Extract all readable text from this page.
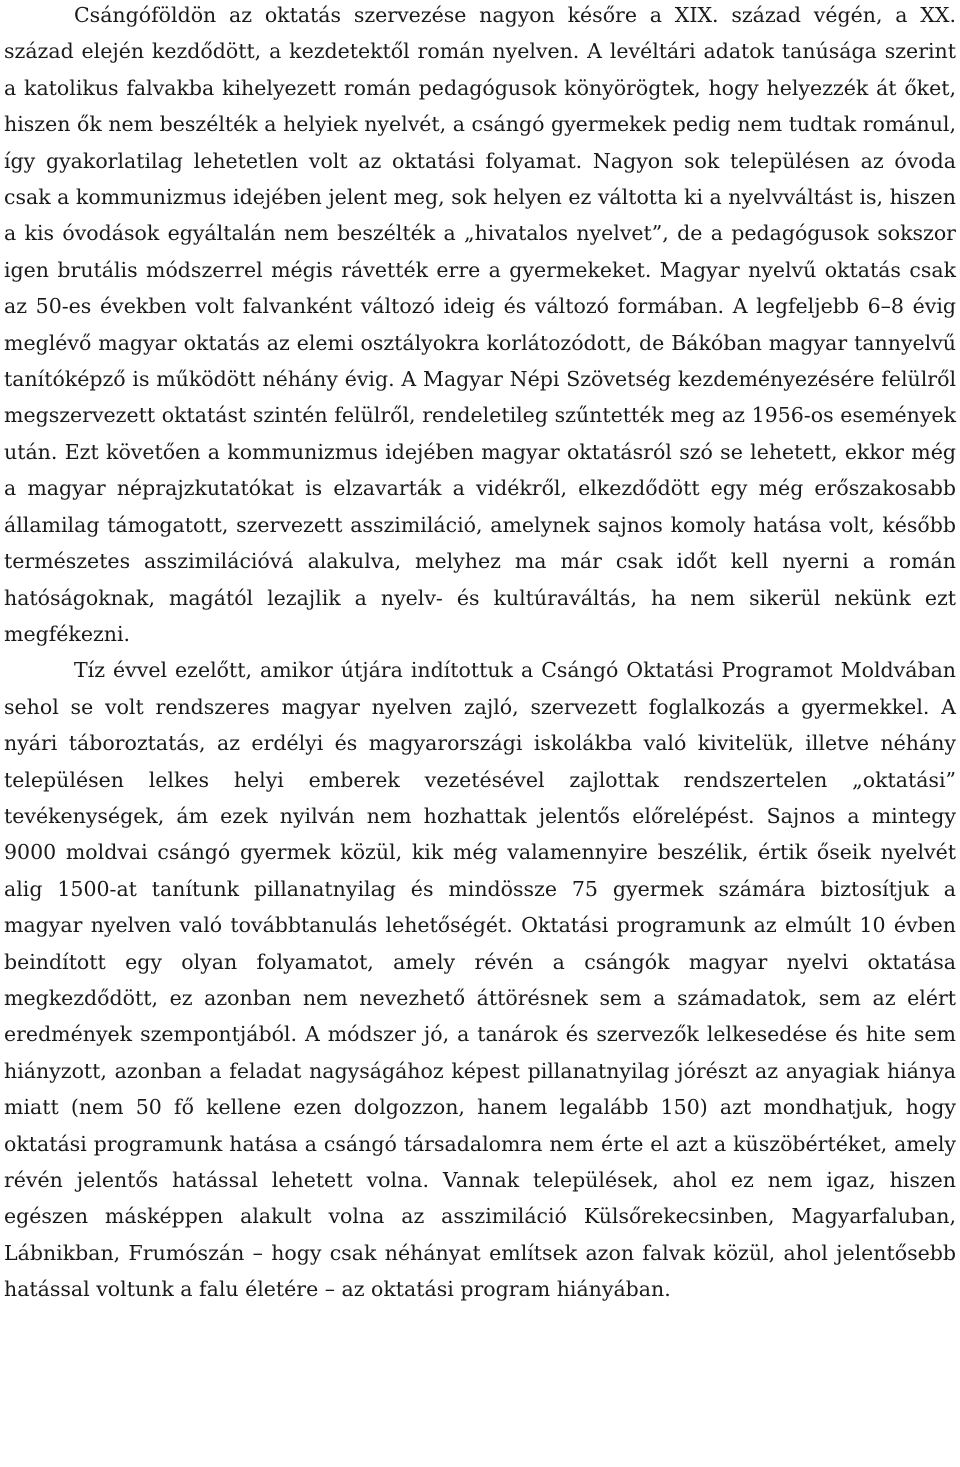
Csángóföldön az oktatás szervezése nagyon későre a XIX. század végén, a XX. század elején kezdődött, a kezdetektől román nyelven. A levéltári adatok tanúsága szerint a katolikus falvakba kihelyezett román pedagógusok könyörögtek, hogy helyezzék át őket, hiszen ők nem beszélték a helyiek nyelvét, a csángó gyermekek pedig nem tudtak románul, így gyakorlatilag lehetetlen volt az oktatási folyamat. Nagyon sok településen az óvoda csak a kommunizmus idejében jelent meg, sok helyen ez váltotta ki a nyelvváltást is, hiszen a kis óvodások egyáltalán nem beszélték a „hivatalos nyelvet”, de a pedagógusok sokszor igen brutális módszerrel mégis rávették erre a gyermekeket. Magyar nyelvű oktatás csak az 50-es években volt falvanként változó ideig és változó formában. A legfeljebb 6–8 évig meglévő magyar oktatás az elemi osztályokra korlátozódott, de Bákóban magyar tannyelvű tanítóképző is működött néhány évig. A Magyar Népi Szövetség kezdeményezésére felülről megszervezett oktatást szintén felülről, rendeletileg szűntették meg az 1956-os események után. Ezt követően a kommunizmus idejében magyar oktatásról szó se lehetett, ekkor még a magyar néprajzkutatókat is elzavarták a vidékről, elkezdődött egy még erőszakosabb államilag támogatott, szervezett asszimiláció, amelynek sajnos komoly hatása volt, később természetes asszimilációvá alakulva, melyhez ma már csak időt kell nyerni a román hatóságoknak, magától lezajlik a nyelv- és kultúraváltás, ha nem sikerül nekünk ezt megfékezni.

Tíz évvel ezelőtt, amikor útjára indítottuk a Csángó Oktatási Programot Moldvában sehol se volt rendszeres magyar nyelven zajló, szervezett foglalkozás a gyermekkel. A nyári táboroztatás, az erdélyi és magyarországi iskolákba való kivitelük, illetve néhány településen lelkes helyi emberek vezetésével zajlottak rendszertelen „oktatási” tevékenységek, ám ezek nyilván nem hozhattak jelentős előrelépést. Sajnos a mintegy 9000 moldvai csángó gyermek közül, kik még valamennyire beszélik, értik őseik nyelvét alig 1500-at tanítunk pillanatnyilag és mindössze 75 gyermek számára biztosítjuk a magyar nyelven való továbbtanulás lehetőségét. Oktatási programunk az elmúlt 10 évben beindított egy olyan folyamatot, amely révén a csángók magyar nyelvi oktatása megkezdődött, ez azonban nem nevezhető áttörésnek sem a számadatok, sem az elért eredmények szempontjából. A módszer jó, a tanárok és szervezők lelkesedése és hite sem hiányzott, azonban a feladat nagyságához képest pillanatnyilag jórészt az anyagiak hiánya miatt (nem 50 fő kellene ezen dolgozzon, hanem legalább 150) azt mondhatjuk, hogy oktatási programunk hatása a csángó társadalomra nem érte el azt a küszöbértéket, amely révén jelentős hatással lehetett volna. Vannak települések, ahol ez nem igaz, hiszen egészen másképpen alakult volna az asszimiláció Külsőrekecsinben, Magyarfaluban, Lábnikban, Frumószán – hogy csak néhányat említsek azon falvak közül, ahol jelentősebb hatással voltunk a falu életére – az oktatási program hiányában.
